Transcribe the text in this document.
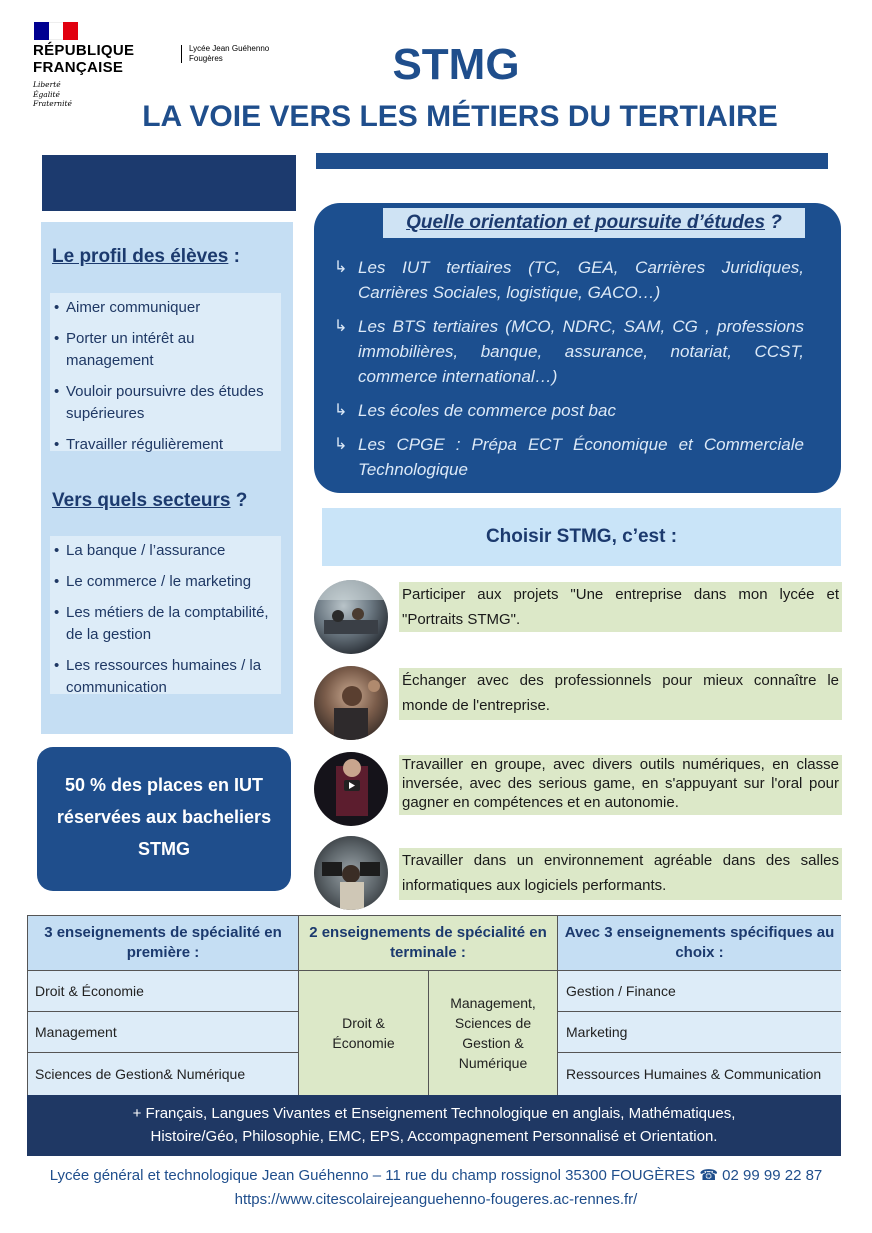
RÉPUBLIQUE
FRANÇAISE
Liberté
Égalité
Fraternité
Lycée Jean Guéhenno
Fougères	STMG
LA VOIE VERS LES MÉTIERS DU TERTIAIRE
Le profil des élèves :
• Aimer communiquer
• Porter un intérêt au management
• Vouloir poursuivre des études supérieures
• Travailler régulièrement
Vers quels secteurs ?
• La banque / l’assurance
• Le commerce / le marketing
• Les métiers de la comptabilité, de la gestion
• Les ressources humaines / la communication
50 % des places en IUT réservées aux bacheliers STMG
Quelle orientation et poursuite d’études ?
↳ Les IUT tertiaires (TC, GEA, Carrières Juridiques, Carrières Sociales, logistique, GACO…)
↳ Les BTS tertiaires (MCO, NDRC, SAM, CG , professions immobilières, banque, assurance, notariat, CCST, commerce international…)
↳ Les écoles de commerce post bac
↳ Les CPGE : Prépa ECT Économique et Commerciale Technologique
Choisir STMG, c’est :
Participer aux projets "Une entreprise dans mon lycée et "Portraits STMG".
Échanger avec des professionnels pour mieux connaître le monde de l'entreprise.
Travailler en groupe, avec divers outils numériques, en classe inversée, avec des serious game, en s'appuyant sur l'oral pour gagner en compétences et en autonomie.
Travailler dans un environnement agréable dans des salles informatiques aux logiciels performants.
3 enseignements de spécialité en première :
2 enseignements de spécialité en terminale :
Avec 3 enseignements spécifiques au choix :
Droit & Économie
Management
Sciences de Gestion& Numérique
Droit & Économie
Management, Sciences de Gestion & Numérique
Gestion / Finance
Marketing
Ressources Humaines & Communication
+ Français, Langues Vivantes et Enseignement Technologique en anglais, Mathématiques,
Histoire/Géo, Philosophie, EMC, EPS, Accompagnement Personnalisé et Orientation.
Lycée général et technologique Jean Guéhenno – 11 rue du champ rossignol 35300 FOUGÈRES ☎ 02 99 99 22 87
https://www.citescolairejeanguehenno-fougeres.ac-rennes.fr/
